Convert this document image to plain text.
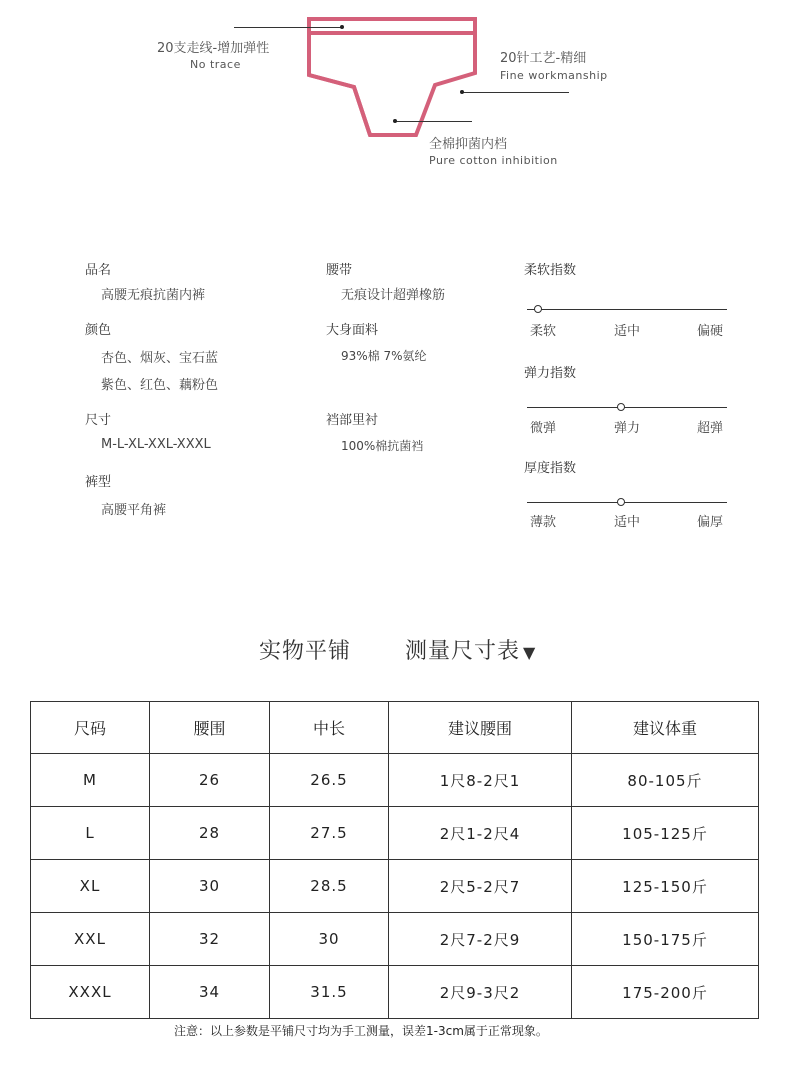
20支走线-增加弹性
No trace	20针工艺-精细
Fine workmanship
全棉抑菌内档
Pure cotton inhibition
品名
高腰无痕抗菌内裤
颜色
杏色、烟灰、宝石蓝
紫色、红色、藕粉色
尺寸
M-L-XL-XXL-XXXL
裤型
高腰平角裤
腰带
无痕设计超弹橡筋
大身面料
93%棉 7%氨纶
裆部里衬
100%棉抗菌裆
柔软指数
柔软	适中	偏硬
弹力指数
微弹	弹力	超弹
厚度指数
薄款	适中	偏厚
实物平铺 测量尺寸表 ▼
尺码	腰围	中长	建议腰围	建议体重
M	26	26.5	1尺8-2尺1	80-105斤
L	28	27.5	2尺1-2尺4	105-125斤
XL	30	28.5	2尺5-2尺7	125-150斤
XXL	32	30	2尺7-2尺9	150-175斤
XXXL	34	31.5	2尺9-3尺2	175-200斤
注意：以上参数是平铺尺寸均为手工测量，误差1-3cm属于正常现象。
